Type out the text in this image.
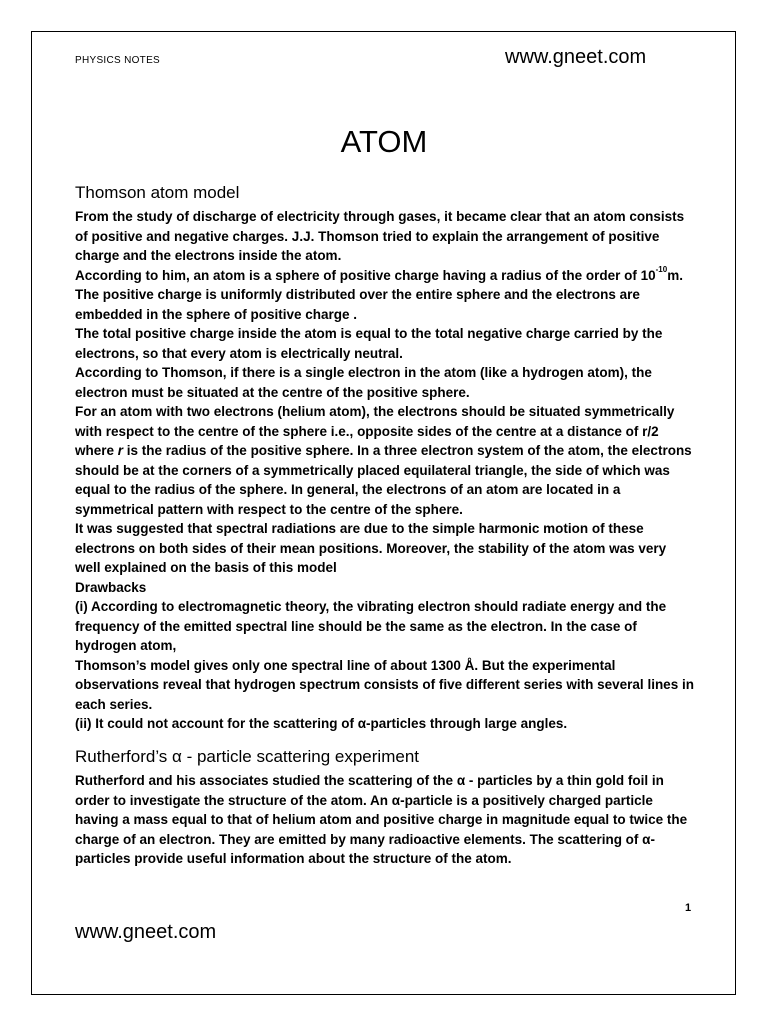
PHYSICS NOTES	www.gneet.com
ATOM
Thomson atom model

From the study of discharge of electricity through gases, it became clear that an atom consists of positive and negative charges. J.J. Thomson tried to explain the arrangement of positive charge and the electrons inside the atom.

According to him, an atom is a sphere of positive charge having a radius of the order of $10^{-10}m$. The positive charge is uniformly distributed over the entire sphere and the electrons are embedded in the sphere of positive charge .

The total positive charge inside the atom is equal to the total negative charge carried by the electrons, so that every atom is electrically neutral.

According to Thomson, if there is a single electron in the atom (like a hydrogen atom), the electron must be situated at the centre of the positive sphere.

For an atom with two electrons (helium atom), the electrons should be situated symmetrically with respect to the centre of the sphere i.e., opposite sides of the centre at a distance of r/2 where r is the radius of the positive sphere. In a three electron system of the atom, the electrons should be at the corners of a symmetrically placed equilateral triangle, the side of which was equal to the radius of the sphere. In general, the electrons of an atom are located in a symmetrical pattern with respect to the centre of the sphere.

It was suggested that spectral radiations are due to the simple harmonic motion of these electrons on both sides of their mean positions. Moreover, the stability of the atom was very well explained on the basis of this model

Drawbacks

(i) According to electromagnetic theory, the vibrating electron should radiate energy and the frequency of the emitted spectral line should be the same as the electron. In the case of hydrogen atom,

Thomson’s model gives only one spectral line of about 1300 Å. But the experimental observations reveal that hydrogen spectrum consists of five different series with several lines in each series.

(ii) It could not account for the scattering of α-particles through large angles.

Rutherford’s α - particle scattering experiment

Rutherford and his associates studied the scattering of the α - particles by a thin gold foil in order to investigate the structure of the atom. An α-particle is a positively charged particle having a mass equal to that of helium atom and positive charge in magnitude equal to twice the charge of an electron. They are emitted by many radioactive elements. The scattering of α-particles provide useful information about the structure of the atom.

1
www.gneet.com
